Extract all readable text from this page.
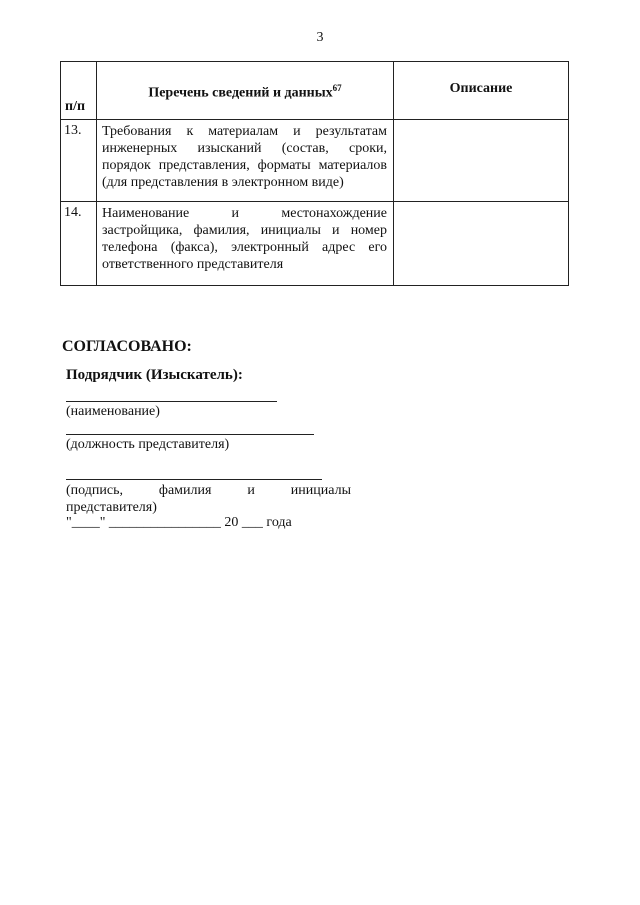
3
п/п	Перечень сведений и данных$^{67}$	Описание
13.	Требования к материалам и результатам инженерных изысканий (состав, сроки, порядок представления, форматы материалов (для представления в электронном виде)	
14.	Наименование и местонахождение застройщика, фамилия, инициалы и номер телефона (факса), электронный адрес его ответственного представителя	
СОГЛАСОВАНО:
Подрядчик (Изыскатель):
(наименование)
(должность представителя)
(подпись,	фамилия	и	инициалы
представителя)
"____" ________________ 20 ___ года
